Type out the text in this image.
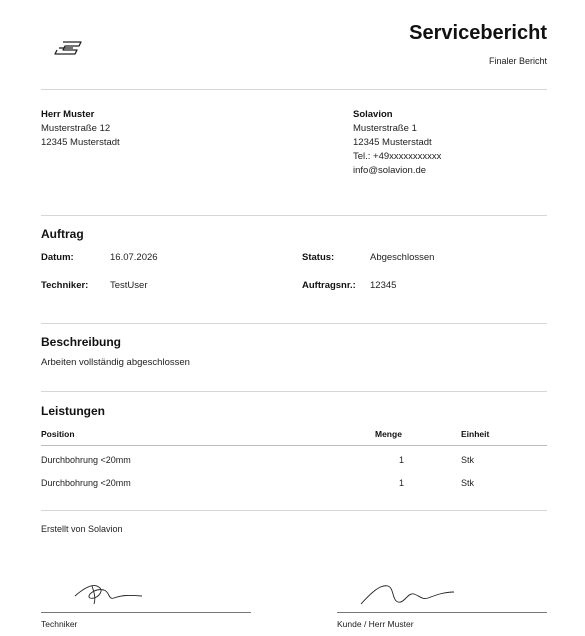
Servicebericht
Finaler Bericht
Herr Muster
Musterstraße 12
12345 Musterstadt
Solavion
Musterstraße 1
12345 Musterstadt
Tel.: +49xxxxxxxxxxx
info@solavion.de
Auftrag
Datum:	16.07.2026	Status:	Abgeschlossen
Techniker: TestUser	Auftragsnr.: 12345
Beschreibung
Arbeiten vollständig abgeschlossen
Leistungen
Position	Menge	Einheit
Durchbohrung <20mm	1	Stk
Durchbohrung <20mm	1	Stk
Erstellt von Solavion
Techniker	Kunde / Herr Muster
